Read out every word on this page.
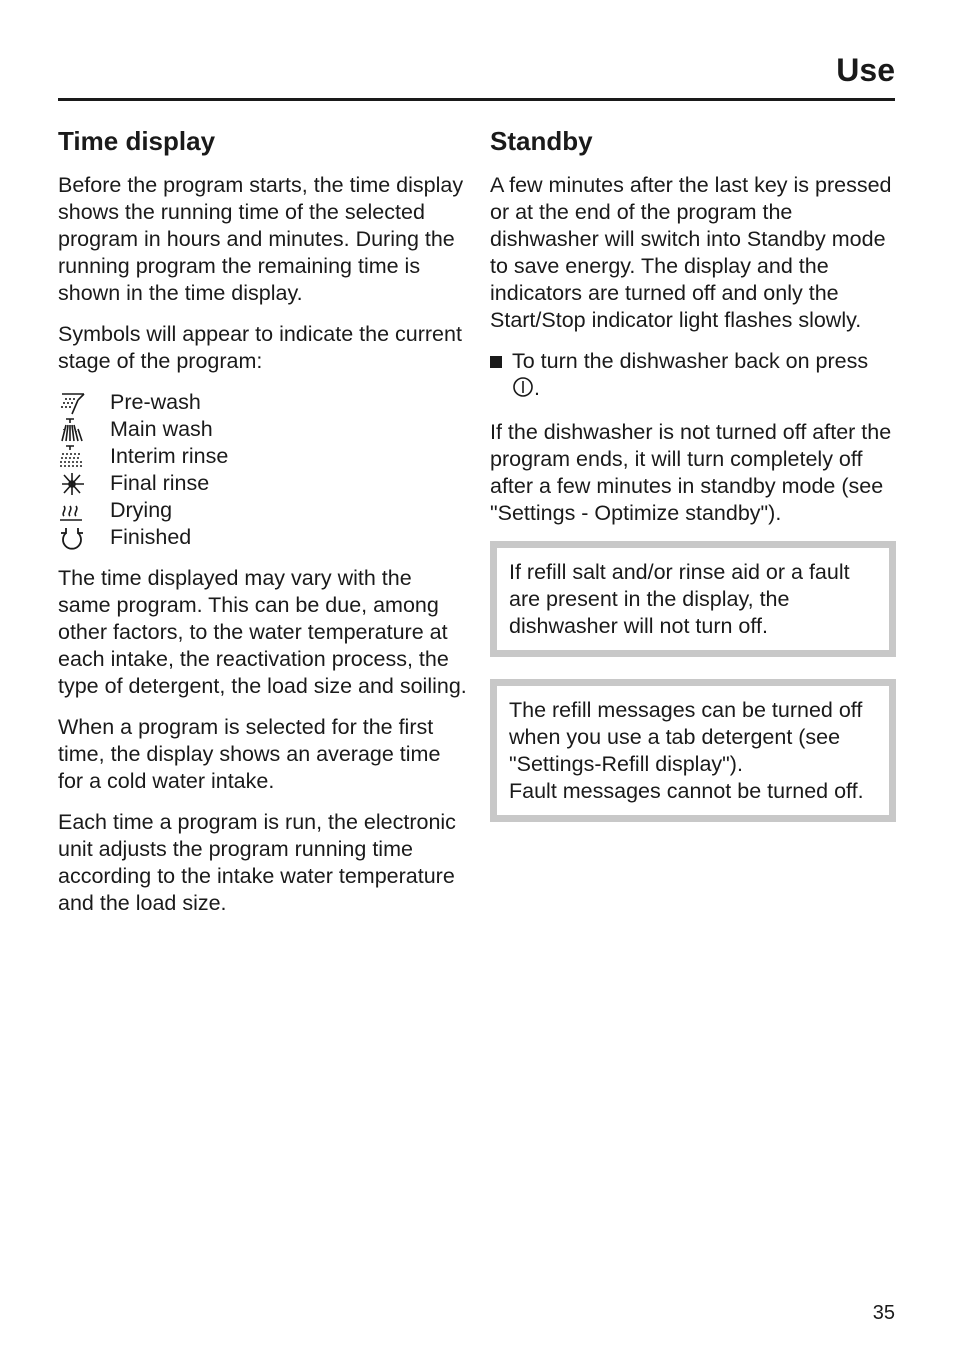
Use
Time display

Before the program starts, the time display shows the running time of the selected program in hours and minutes. During the running program the remaining time is shown in the time display.

Symbols will appear to indicate the current stage of the program:

Pre-wash
Main wash
Interim rinse
Final rinse
Drying
Finished

The time displayed may vary with the same program. This can be due, among other factors, to the water temperature at each intake, the reactivation process, the type of detergent, the load size and soiling.

When a program is selected for the first time, the display shows an average time for a cold water intake.

Each time a program is run, the electronic unit adjusts the program running time according to the intake water temperature and the load size.

Standby

A few minutes after the last key is pressed or at the end of the program the dishwasher will switch into Standby mode to save energy. The display and the indicators are turned off and only the Start/Stop indicator light flashes slowly.

To turn the dishwasher back on press
.

If the dishwasher is not turned off after the program ends, it will turn completely off after a few minutes in standby mode (see "Settings - Optimize standby").

If refill salt and/or rinse aid or a fault are present in the display, the dishwasher will not turn off.
The refill messages can be turned off when you use a tab detergent (see "Settings-Refill display").
Fault messages cannot be turned off.
35
